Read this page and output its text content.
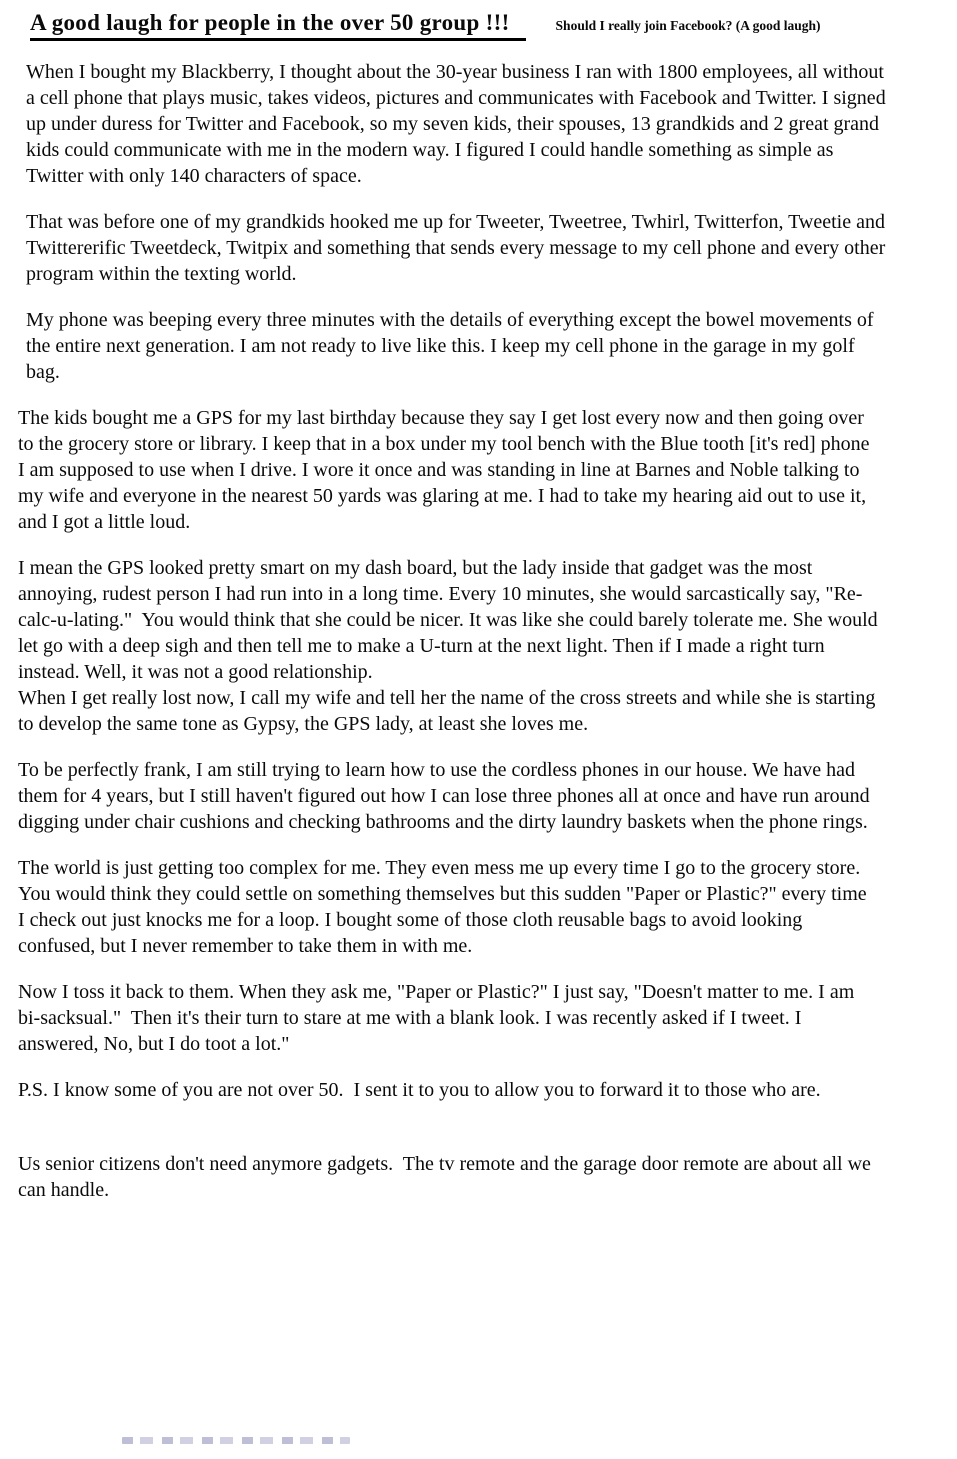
A good laugh for people in the over 50 group !!!	Should I really join Facebook? (A good laugh)

When I bought my Blackberry, I thought about the 30-year business I ran with 1800 employees, all without a cell phone that plays music, takes videos, pictures and communicates with Facebook and Twitter. I signed up under duress for Twitter and Facebook, so my seven kids, their spouses, 13 grandkids and 2 great grand kids could communicate with me in the modern way. I figured I could handle something as simple as Twitter with only 140 characters of space.

That was before one of my grandkids hooked me up for Tweeter, Tweetree, Twhirl, Twitterfon, Tweetie and Twittererific Tweetdeck, Twitpix and something that sends every message to my cell phone and every other program within the texting world.

My phone was beeping every three minutes with the details of everything except the bowel movements of the entire next generation. I am not ready to live like this. I keep my cell phone in the garage in my golf bag.

The kids bought me a GPS for my last birthday because they say I get lost every now and then going over to the grocery store or library. I keep that in a box under my tool bench with the Blue tooth [it's red] phone I am supposed to use when I drive. I wore it once and was standing in line at Barnes and Noble talking to my wife and everyone in the nearest 50 yards was glaring at me. I had to take my hearing aid out to use it, and I got a little loud.

I mean the GPS looked pretty smart on my dash board, but the lady inside that gadget was the most annoying, rudest person I had run into in a long time. Every 10 minutes, she would sarcastically say, "Re-calc-u-lating."  You would think that she could be nicer. It was like she could barely tolerate me. She would let go with a deep sigh and then tell me to make a U-turn at the next light. Then if I made a right turn instead. Well, it was not a good relationship.

When I get really lost now, I call my wife and tell her the name of the cross streets and while she is starting to develop the same tone as Gypsy, the GPS lady, at least she loves me.

To be perfectly frank, I am still trying to learn how to use the cordless phones in our house. We have had them for 4 years, but I still haven't figured out how I can lose three phones all at once and have run around digging under chair cushions and checking bathrooms and the dirty laundry baskets when the phone rings.

The world is just getting too complex for me. They even mess me up every time I go to the grocery store. You would think they could settle on something themselves but this sudden "Paper or Plastic?" every time I check out just knocks me for a loop. I bought some of those cloth reusable bags to avoid looking confused, but I never remember to take them in with me.

Now I toss it back to them. When they ask me, "Paper or Plastic?" I just say, "Doesn't matter to me. I am bi-sacksual."  Then it's their turn to stare at me with a blank look. I was recently asked if I tweet. I answered, No, but I do toot a lot."

P.S. I know some of you are not over 50.  I sent it to you to allow you to forward it to those who are.

Us senior citizens don't need anymore gadgets.  The tv remote and the garage door remote are about all we can handle.
